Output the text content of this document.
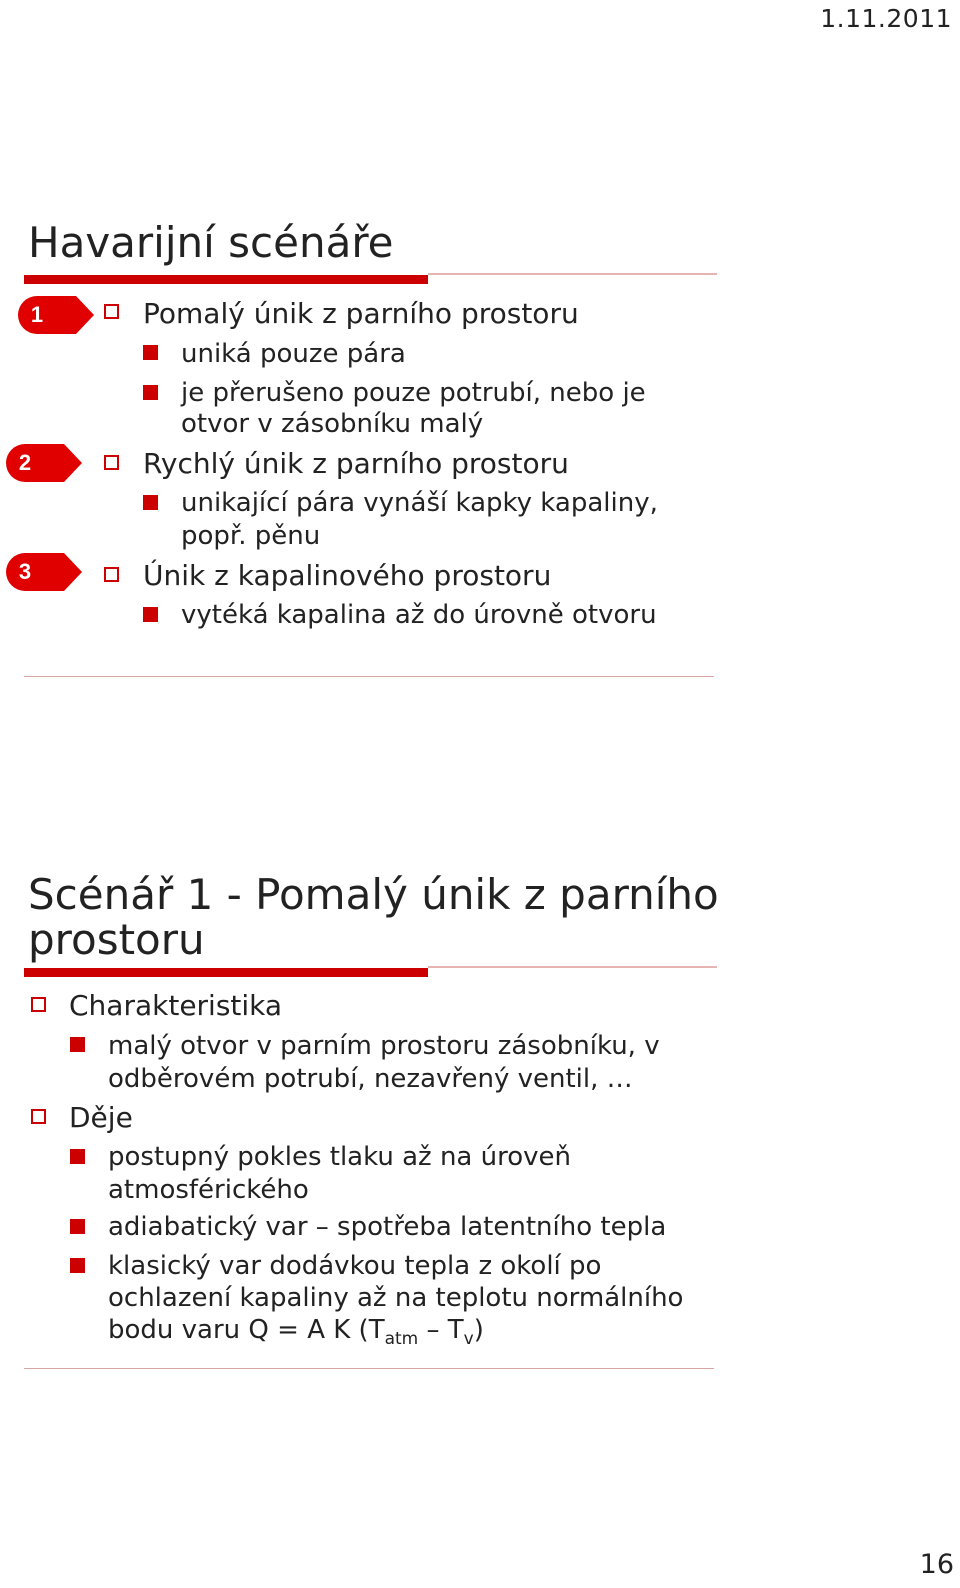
1.11.2011
16
Havarijní scénáře
1	Pomalý únik z parního prostoru
uniká pouze pára
je přerušeno pouze potrubí, nebo je
otvor v zásobníku malý
2	Rychlý únik z parního prostoru
unikající pára vynáší kapky kapaliny,
popř. pěnu
3	Únik z kapalinového prostoru
vytéká kapalina až do úrovně otvoru
Scénář 1 - Pomalý únik z parního
prostoru
Charakteristika
malý otvor v parním prostoru zásobníku, v
odběrovém potrubí, nezavřený ventil, …
Děje
postupný pokles tlaku až na úroveň
atmosférického
adiabatický var – spotřeba latentního tepla
klasický var dodávkou tepla z okolí po
ochlazení kapaliny až na teplotu normálního
bodu varu Q = A K $(T_{atm} - T_v)$
